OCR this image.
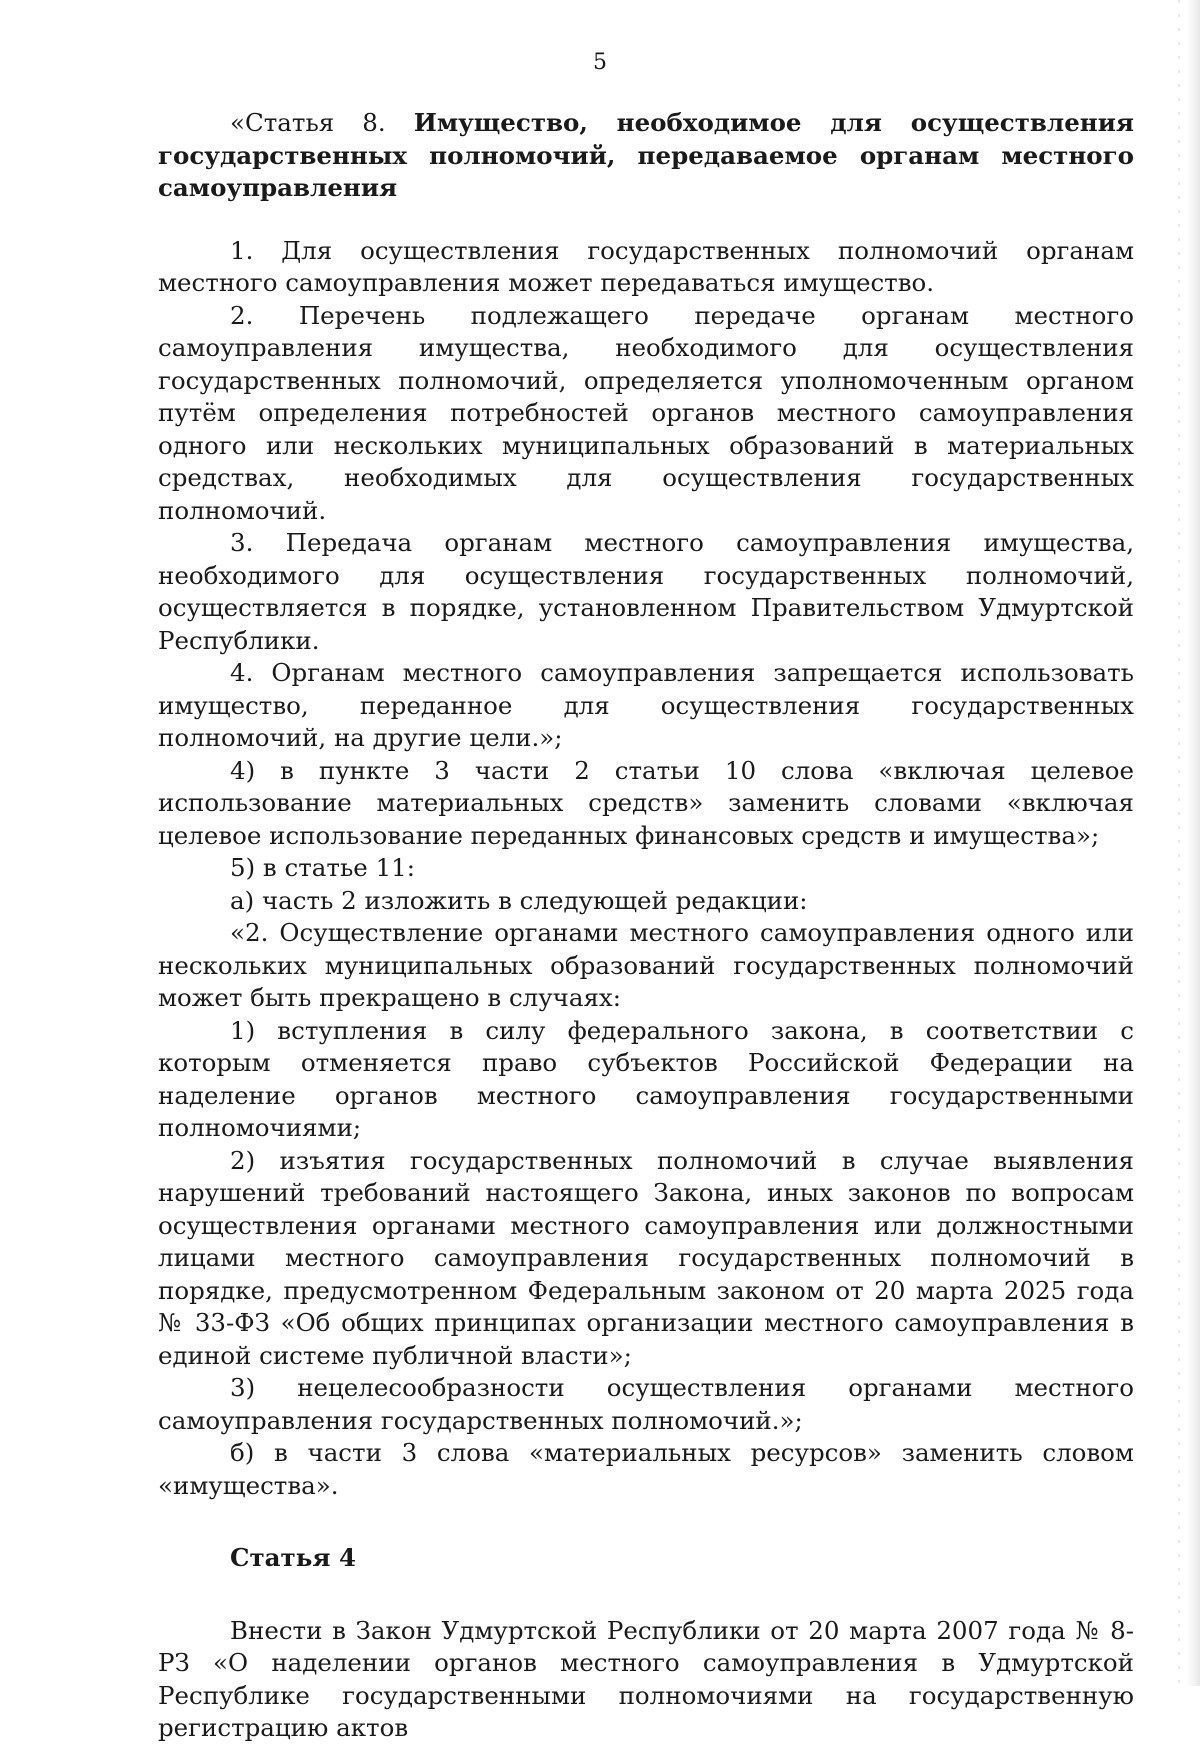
5

«Статья 8. Имущество, необходимое для осуществления государственных полномочий, передаваемое органам местного самоуправления

1. Для осуществления государственных полномочий органам местного самоуправления может передаваться имущество.

2. Перечень подлежащего передаче органам местного самоуправления имущества, необходимого для осуществления государственных полномочий, определяется уполномоченным органом путём определения потребностей органов местного самоуправления одного или нескольких муниципальных образований в материальных средствах, необходимых для осуществления государственных полномочий.

3. Передача органам местного самоуправления имущества, необходимого для осуществления государственных полномочий, осуществляется в порядке, установленном Правительством Удмуртской Республики.

4. Органам местного самоуправления запрещается использовать имущество, переданное для осуществления государственных полномочий, на другие цели.»;

4) в пункте 3 части 2 статьи 10 слова «включая целевое использование материальных средств» заменить словами «включая целевое использование переданных финансовых средств и имущества»;

5) в статье 11:

а) часть 2 изложить в следующей редакции:

«2. Осуществление органами местного самоуправления одного или нескольких муниципальных образований государственных полномочий может быть прекращено в случаях:

1) вступления в силу федерального закона, в соответствии с которым отменяется право субъектов Российской Федерации на наделение органов местного самоуправления государственными полномочиями;

2) изъятия государственных полномочий в случае выявления нарушений требований настоящего Закона, иных законов по вопросам осуществления органами местного самоуправления или должностными лицами местного самоуправления государственных полномочий в порядке, предусмотренном Федеральным законом от 20 марта 2025 года № 33-ФЗ «Об общих принципах организации местного самоуправления в единой системе публичной власти»;

3) нецелесообразности осуществления органами местного самоуправления государственных полномочий.»;

б) в части 3 слова «материальных ресурсов» заменить словом «имущества».

Статья 4

Внести в Закон Удмуртской Республики от 20 марта 2007 года № 8-РЗ «О наделении органов местного самоуправления в Удмуртской Республике государственными полномочиями на государственную регистрацию актов
